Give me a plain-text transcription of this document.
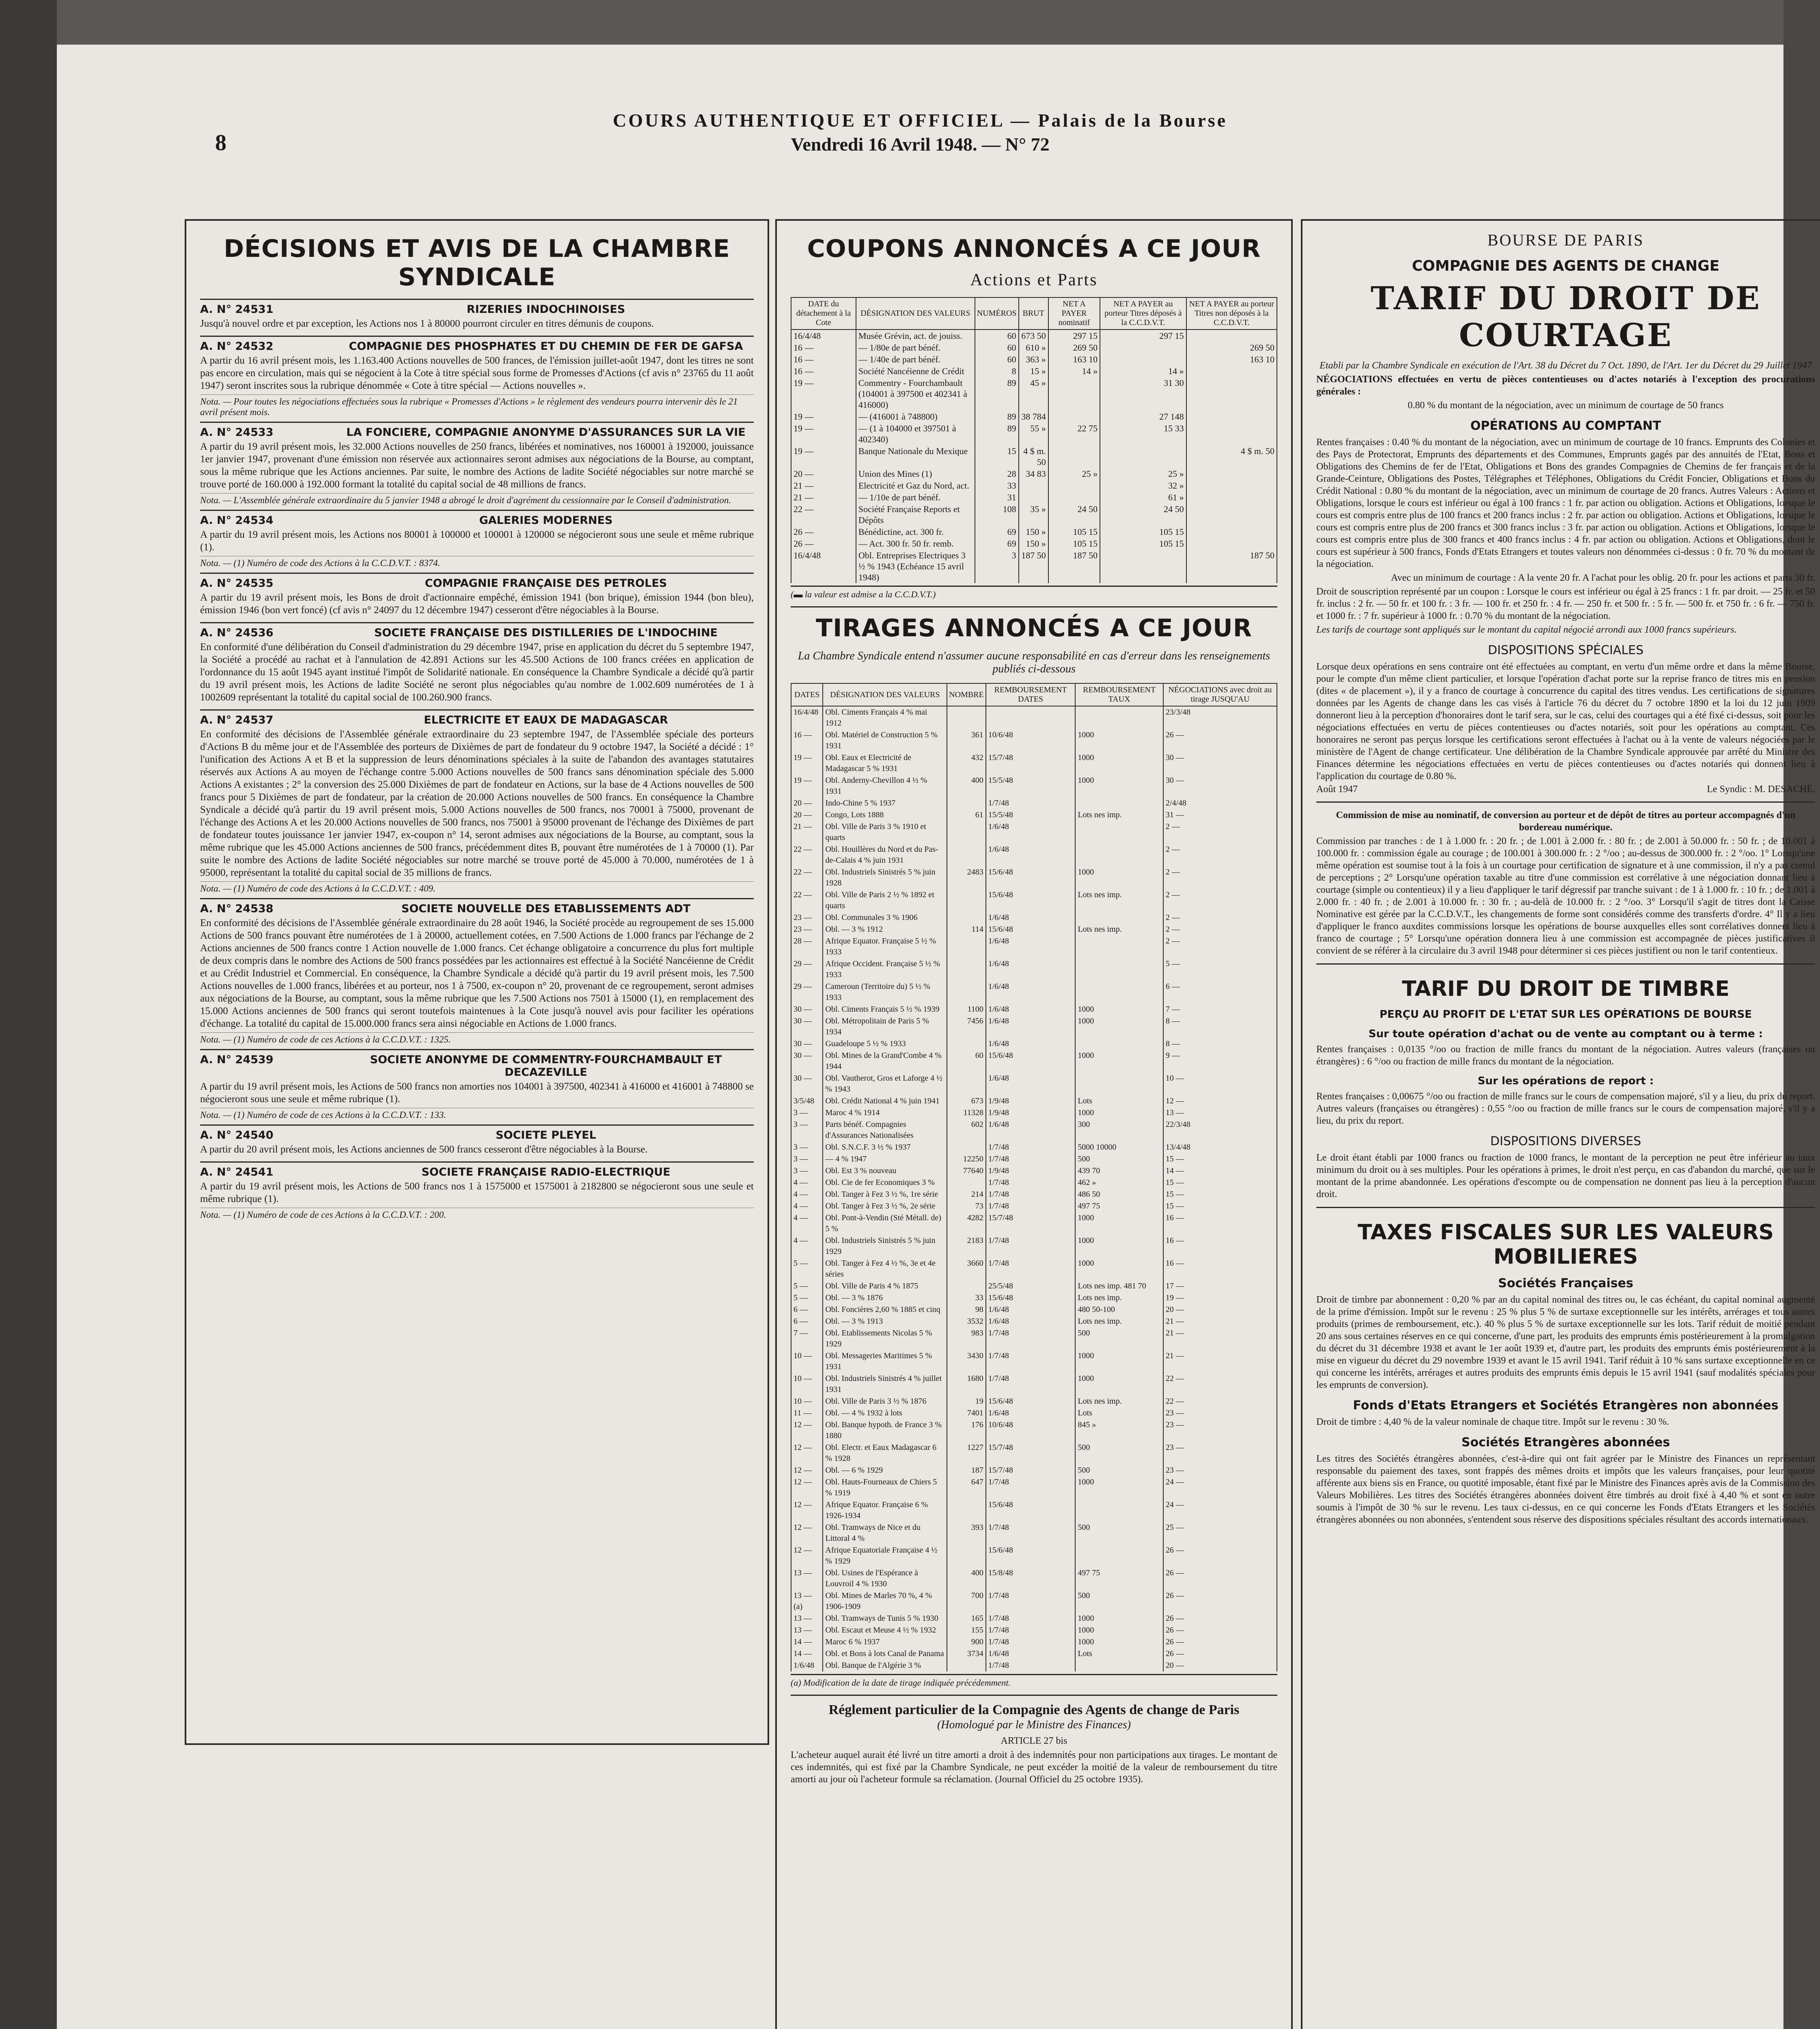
8
COURS AUTHENTIQUE ET OFFICIEL — Palais de la Bourse
Vendredi 16 Avril 1948. — N° 72
DÉCISIONS ET AVIS DE LA CHAMBRE SYNDICALE
A. N° 24531	RIZERIES INDOCHINOISES

Jusqu'à nouvel ordre et par exception, les Actions nos 1 à 80000 pourront circuler en titres démunis de coupons.

A. N° 24532	COMPAGNIE DES PHOSPHATES ET DU CHEMIN DE FER DE GAFSA

A partir du 16 avril présent mois, les 1.163.400 Actions nouvelles de 500 frances, de l'émission juillet-août 1947, dont les titres ne sont pas encore en circulation, mais qui se négocient à la Cote à titre spécial sous forme de Promesses d'Actions (cf avis n° 23765 du 11 août 1947) seront inscrites sous la rubrique dénommée « Cote à titre spécial — Actions nouvelles ».

Nota. — Pour toutes les négociations effectuées sous la rubrique « Promesses d'Actions » le règlement des vendeurs pourra intervenir dès le 21 avril présent mois.
A. N° 24533	LA FONCIERE, COMPAGNIE ANONYME D'ASSURANCES SUR LA VIE

A partir du 19 avril présent mois, les 32.000 Actions nouvelles de 250 francs, libérées et nominatives, nos 160001 à 192000, jouissance 1er janvier 1947, provenant d'une émission non réservée aux actionnaires seront admises aux négociations de la Bourse, au comptant, sous la même rubrique que les Actions anciennes. Par suite, le nombre des Actions de ladite Société négociables sur notre marché se trouve porté de 160.000 à 192.000 formant la totalité du capital social de 48 millions de francs.

Nota. — L'Assemblée générale extraordinaire du 5 janvier 1948 a abrogé le droit d'agrément du cessionnaire par le Conseil d'administration.
A. N° 24534	GALERIES MODERNES

A partir du 19 avril présent mois, les Actions nos 80001 à 100000 et 100001 à 120000 se négocieront sous une seule et même rubrique (1).

Nota. — (1) Numéro de code des Actions à la C.C.D.V.T. : 8374.
A. N° 24535	COMPAGNIE FRANÇAISE DES PETROLES

A partir du 19 avril présent mois, les Bons de droit d'actionnaire empêché, émission 1941 (bon brique), émission 1944 (bon bleu), émission 1946 (bon vert foncé) (cf avis n° 24097 du 12 décembre 1947) cesseront d'être négociables à la Bourse.

A. N° 24536	SOCIETE FRANÇAISE DES DISTILLERIES DE L'INDOCHINE

En conformité d'une délibération du Conseil d'administration du 29 décembre 1947, prise en application du décret du 5 septembre 1947, la Société a procédé au rachat et à l'annulation de 42.891 Actions sur les 45.500 Actions de 100 francs créées en application de l'ordonnance du 15 août 1945 ayant institué l'impôt de Solidarité nationale. En conséquence la Chambre Syndicale a décidé qu'à partir du 19 avril présent mois, les Actions de ladite Société ne seront plus négociables qu'au nombre de 1.002.609 numérotées de 1 à 1002609 représentant la totalité du capital social de 100.260.900 francs.

A. N° 24537	ELECTRICITE ET EAUX DE MADAGASCAR

En conformité des décisions de l'Assemblée générale extraordinaire du 23 septembre 1947, de l'Assemblée spéciale des porteurs d'Actions B du même jour et de l'Assemblée des porteurs de Dixièmes de part de fondateur du 9 octobre 1947, la Société a décidé : 1° l'unification des Actions A et B et la suppression de leurs dénominations spéciales à la suite de l'abandon des avantages statutaires réservés aux Actions A au moyen de l'échange contre 5.000 Actions nouvelles de 500 francs sans dénomination spéciale des 5.000 Actions A existantes ; 2° la conversion des 25.000 Dixièmes de part de fondateur en Actions, sur la base de 4 Actions nouvelles de 500 francs pour 5 Dixièmes de part de fondateur, par la création de 20.000 Actions nouvelles de 500 francs. En conséquence la Chambre Syndicale a décidé qu'à partir du 19 avril présent mois, 5.000 Actions nouvelles de 500 francs, nos 70001 à 75000, provenant de l'échange des Actions A et les 20.000 Actions nouvelles de 500 francs, nos 75001 à 95000 provenant de l'échange des Dixièmes de part de fondateur toutes jouissance 1er janvier 1947, ex-coupon n° 14, seront admises aux négociations de la Bourse, au comptant, sous la même rubrique que les 45.000 Actions anciennes de 500 francs, précédemment dites B, pouvant être numérotées de 1 à 70000 (1). Par suite le nombre des Actions de ladite Société négociables sur notre marché se trouve porté de 45.000 à 70.000, numérotées de 1 à 95000, représentant la totalité du capital social de 35 millions de francs.

Nota. — (1) Numéro de code des Actions à la C.C.D.V.T. : 409.
A. N° 24538	SOCIETE NOUVELLE DES ETABLISSEMENTS ADT

En conformité des décisions de l'Assemblée générale extraordinaire du 28 août 1946, la Société procède au regroupement de ses 15.000 Actions de 500 francs pouvant être numérotées de 1 à 20000, actuellement cotées, en 7.500 Actions de 1.000 francs par l'échange de 2 Actions anciennes de 500 francs contre 1 Action nouvelle de 1.000 francs. Cet échange obligatoire a concurrence du plus fort multiple de deux compris dans le nombre des Actions de 500 francs possédées par les actionnaires est effectué à la Société Nancéienne de Crédit et au Crédit Industriel et Commercial. En conséquence, la Chambre Syndicale a décidé qu'à partir du 19 avril présent mois, les 7.500 Actions nouvelles de 1.000 francs, libérées et au porteur, nos 1 à 7500, ex-coupon n° 20, provenant de ce regroupement, seront admises aux négociations de la Bourse, au comptant, sous la même rubrique que les 7.500 Actions nos 7501 à 15000 (1), en remplacement des 15.000 Actions anciennes de 500 francs qui seront toutefois maintenues à la Cote jusqu'à nouvel avis pour faciliter les opérations d'échange. La totalité du capital de 15.000.000 francs sera ainsi négociable en Actions de 1.000 francs.

Nota. — (1) Numéro de code de ces Actions à la C.C.D.V.T. : 1325.
A. N° 24539	SOCIETE ANONYME DE COMMENTRY-FOURCHAMBAULT ET DECAZEVILLE

A partir du 19 avril présent mois, les Actions de 500 francs non amorties nos 104001 à 397500, 402341 à 416000 et 416001 à 748800 se négocieront sous une seule et même rubrique (1).

Nota. — (1) Numéro de code de ces Actions à la C.C.D.V.T. : 133.
A. N° 24540	SOCIETE PLEYEL

A partir du 20 avril présent mois, les Actions anciennes de 500 francs cesseront d'être négociables à la Bourse.

A. N° 24541	SOCIETE FRANÇAISE RADIO-ELECTRIQUE

A partir du 19 avril présent mois, les Actions de 500 francs nos 1 à 1575000 et 1575001 à 2182800 se négocieront sous une seule et même rubrique (1).

Nota. — (1) Numéro de code de ces Actions à la C.C.D.V.T. : 200.
COUPONS ANNONCÉS A CE JOUR
Actions et Parts
DATE du détachement à la Cote	DÉSIGNATION DES VALEURS	NUMÉROS	BRUT	NET A PAYER nominatif	NET A PAYER au porteur Titres déposés à la C.C.D.V.T.	NET A PAYER au porteur Titres non déposés à la C.C.D.V.T.
16/4/48	Musée Grévin, act. de jouiss.	60	673 50	297 15	297 15	
16 —	— 1/80e de part bénéf.	60	610 »	269 50		269 50
16 —	— 1/40e de part bénéf.	60	363 »	163 10		163 10
16 —	Société Nancéienne de Crédit	8	15 »	14 »	14 »	
19 —	Commentry - Fourchambault (104001 à 397500 et 402341 à 416000)	89	45 »		31 30	
19 —	— (416001 à 748800)	89	38 784		27 148	
19 —	— (1 à 104000 et 397501 à 402340)	89	55 »	22 75	15 33	
19 —	Banque Nationale du Mexique	15	4 $ m. 50			4 $ m. 50
20 —	Union des Mines (1)	28	34 83	25 »	25 »	
21 —	Electricité et Gaz du Nord, act.	33			32 »	
21 —	— 1/10e de part bénéf.	31			61 »	
22 —	Société Française Reports et Dépôts	108	35 »	24 50	24 50	
26 —	Bénédictine, act. 300 fr.	69	150 »	105 15	105 15	
26 —	— Act. 300 fr. 50 fr. remb.	69	150 »	105 15	105 15	
16/4/48	Obl. Entreprises Electriques 3 ½ % 1943 (Echéance 15 avril 1948)	3	187 50	187 50		187 50
(▬ la valeur est admise a la C.C.D.V.T.)
TIRAGES ANNONCÉS A CE JOUR
La Chambre Syndicale entend n'assumer aucune responsabilité en cas d'erreur dans les renseignements publiés ci-dessous
DATES	DÉSIGNATION DES VALEURS	NOMBRE	REMBOURSEMENT DATES	REMBOURSEMENT TAUX	NÉGOCIATIONS avec droit au tirage JUSQU'AU
16/4/48	Obl. Ciments Français 4 % mai 1912				23/3/48
16 —	Obl. Matériel de Construction 5 % 1931	361	10/6/48	1000	26 —
19 —	Obl. Eaux et Electricité de Madagascar 5 % 1931	432	15/7/48	1000	30 —
19 —	Obl. Anderny-Chevillon 4 ½ % 1931	400	15/5/48	1000	30 —
20 —	Indo-Chine 5 % 1937		1/7/48		2/4/48
20 —	Congo, Lots 1888	61	15/5/48	Lots nes imp.	31 —
21 —	Obl. Ville de Paris 3 % 1910 et quarts		1/6/48		2 —
22 —	Obl. Houillères du Nord et du Pas-de-Calais 4 % juin 1931		1/6/48		2 —
22 —	Obl. Industriels Sinistrés 5 % juin 1928	2483	15/6/48	1000	2 —
22 —	Obl. Ville de Paris 2 ½ % 1892 et quarts		15/6/48	Lots nes imp.	2 —
23 —	Obl. Communales 3 % 1906		1/6/48		2 —
23 —	Obl. — 3 % 1912	114	15/6/48	Lots nes imp.	2 —
28 —	Afrique Equator. Française 5 ½ % 1933		1/6/48		2 —
29 —	Afrique Occident. Française 5 ½ % 1933		1/6/48		5 —
29 —	Cameroun (Territoire du) 5 ½ % 1933		1/6/48		6 —
30 —	Obl. Ciments Français 5 ½ % 1939	1100	1/6/48	1000	7 —
30 —	Obl. Métropolitain de Paris 5 % 1934	7456	1/6/48	1000	8 —
30 —	Guadeloupe 5 ½ % 1933		1/6/48		8 —
30 —	Obl. Mines de la Grand'Combe 4 % 1944	60	15/6/48	1000	9 —
30 —	Obl. Vautherot, Gros et Laforge 4 ½ % 1943		1/6/48		10 —
3/5/48	Obl. Crédit National 4 % juin 1941	673	1/9/48	Lots	12 —
3 —	Maroc 4 % 1914	11328	1/9/48	1000	13 —
3 —	Parts bénéf. Compagnies d'Assurances Nationalisées	602	1/6/48	300	22/3/48
3 —	Obl. S.N.C.F. 3 ½ % 1937		1/7/48	5000 10000	13/4/48
3 —	— 4 % 1947	12250	1/7/48	500	15 —
3 —	Obl. Est 3 % nouveau	77640	1/9/48	439 70	14 —
4 —	Obl. Cie de fer Economiques 3 %		1/7/48	462 »	15 —
4 —	Obl. Tanger à Fez 3 ½ %, 1re série	214	1/7/48	486 50	15 —
4 —	Obl. Tanger à Fez 3 ½ %, 2e série	73	1/7/48	497 75	15 —
4 —	Obl. Pont-à-Vendin (Sté Métall. de) 5 %	4282	15/7/48	1000	16 —
4 —	Obl. Industriels Sinistrés 5 % juin 1929	2183	1/7/48	1000	16 —
5 —	Obl. Tanger à Fez 4 ½ %, 3e et 4e séries	3660	1/7/48	1000	16 —
5 —	Obl. Ville de Paris 4 % 1875		25/5/48	Lots nes imp. 481 70	17 —
5 —	Obl. — 3 % 1876	33	15/6/48	Lots nes imp.	19 —
6 —	Obl. Foncières 2,60 % 1885 et cinq	98	1/6/48	480 50-100	20 —
6 —	Obl. — 3 % 1913	3532	1/6/48	Lots nes imp.	21 —
7 —	Obl. Etablissements Nicolas 5 % 1929	983	1/7/48	500	21 —
10 —	Obl. Messageries Maritimes 5 % 1931	3430	1/7/48	1000	21 —
10 —	Obl. Industriels Sinistrés 4 % juillet 1931	1680	1/7/48	1000	22 —
10 —	Obl. Ville de Paris 3 ½ % 1876	19	15/6/48	Lots nes imp.	22 —
11 —	Obl. — 4 % 1932 à lots	7401	1/6/48	Lots	23 —
12 —	Obl. Banque hypoth. de France 3 % 1880	176	10/6/48	845 »	23 —
12 —	Obl. Electr. et Eaux Madagascar 6 % 1928	1227	15/7/48	500	23 —
12 —	Obl. — 6 % 1929	187	15/7/48	500	23 —
12 —	Obl. Hauts-Fourneaux de Chiers 5 % 1919	647	1/7/48	1000	24 —
12 —	Afrique Equator. Française 6 % 1926-1934		15/6/48		24 —
12 —	Obl. Tramways de Nice et du Littoral 4 %	393	1/7/48	500	25 —
12 —	Afrique Equatoriale Française 4 ½ % 1929		15/6/48		26 —
13 —	Obl. Usines de l'Espérance à Louvroil 4 % 1930	400	15/8/48	497 75	26 —
13 — (a)	Obl. Mines de Marles 70 %, 4 % 1906-1909	700	1/7/48	500	26 —
13 —	Obl. Tramways de Tunis 5 % 1930	165	1/7/48	1000	26 —
13 —	Obl. Escaut et Meuse 4 ½ % 1932	155	1/7/48	1000	26 —
14 —	Maroc 6 % 1937	900	1/7/48	1000	26 —
14 —	Obl. et Bons à lots Canal de Panama	3734	1/6/48	Lots	26 —
1/6/48	Obl. Banque de l'Algérie 3 %		1/7/48		20 —
(a) Modification de la date de tirage indiquée précédemment.
Réglement particulier de la Compagnie des Agents de change de Paris
(Homologué par le Ministre des Finances)
ARTICLE 27 bis

L'acheteur auquel aurait été livré un titre amorti a droit à des indemnités pour non participations aux tirages. Le montant de ces indemnités, qui est fixé par la Chambre Syndicale, ne peut excéder la moitié de la valeur de remboursement du titre amorti au jour où l'acheteur formule sa réclamation. (Journal Officiel du 25 octobre 1935).

BOURSE DE PARIS
COMPAGNIE DES AGENTS DE CHANGE
TARIF DU DROIT DE COURTAGE

Etabli par la Chambre Syndicale en exécution de l'Art. 38 du Décret du 7 Oct. 1890, de l'Art. 1er du Décret du 29 Juillet 1947

NÉGOCIATIONS effectuées en vertu de pièces contentieuses ou d'actes notariés à l'exception des procurations générales :

0.80 % du montant de la négociation, avec un minimum de courtage de 50 francs

OPÉRATIONS AU COMPTANT

Rentes françaises : 0.40 % du montant de la négociation, avec un minimum de courtage de 10 francs. Emprunts des Colonies et des Pays de Protectorat, Emprunts des départements et des Communes, Emprunts gagés par des annuités de l'Etat, Bons et Obligations des Chemins de fer de l'Etat, Obligations et Bons des grandes Compagnies de Chemins de fer français et de la Grande-Ceinture, Obligations des Postes, Télégraphes et Téléphones, Obligations du Crédit Foncier, Obligations et Bons du Crédit National : 0.80 % du montant de la négociation, avec un minimum de courtage de 20 francs. Autres Valeurs : Actions et Obligations, lorsque le cours est inférieur ou égal à 100 francs : 1 fr. par action ou obligation. Actions et Obligations, lorsque le cours est compris entre plus de 100 francs et 200 francs inclus : 2 fr. par action ou obligation. Actions et Obligations, lorsque le cours est compris entre plus de 200 francs et 300 francs inclus : 3 fr. par action ou obligation. Actions et Obligations, lorsque le cours est compris entre plus de 300 francs et 400 francs inclus : 4 fr. par action ou obligation. Actions et Obligations, dont le cours est supérieur à 500 francs, Fonds d'Etats Etrangers et toutes valeurs non dénommées ci-dessus : 0 fr. 70 % du montant de la négociation.

Avec un minimum de courtage : A la vente 20 fr. A l'achat pour les oblig. 20 fr. pour les actions et parts 30 fr.

Droit de souscription représenté par un coupon : Lorsque le cours est inférieur ou égal à 25 francs : 1 fr. par droit. — 25 fr. et 50 fr. inclus : 2 fr. — 50 fr. et 100 fr. : 3 fr. — 100 fr. et 250 fr. : 4 fr. — 250 fr. et 500 fr. : 5 fr. — 500 fr. et 750 fr. : 6 fr. — 750 fr. et 1000 fr. : 7 fr. supérieur à 1000 fr. : 0.70 % du montant de la négociation.

Les tarifs de courtage sont appliqués sur le montant du capital négocié arrondi aux 1000 francs supérieurs.

DISPOSITIONS SPÉCIALES

Lorsque deux opérations en sens contraire ont été effectuées au comptant, en vertu d'un même ordre et dans la même Bourse, pour le compte d'un même client particulier, et lorsque l'opération d'achat porte sur la reprise franco de titres mis en pension (dites « de placement »), il y a franco de courtage à concurrence du capital des titres vendus. Les certifications de signatures données par les Agents de change dans les cas visés à l'article 76 du décret du 7 octobre 1890 et la loi du 12 juin 1909 donneront lieu à la perception d'honoraires dont le tarif sera, sur le cas, celui des courtages qui a été fixé ci-dessus, soit pour les négociations effectuées en vertu de pièces contentieuses ou d'actes notariés, soit pour les opérations au comptant. Ces honoraires ne seront pas perçus lorsque les certifications seront effectuées à l'achat ou à la vente de valeurs négociées par le ministère de l'Agent de change certificateur. Une délibération de la Chambre Syndicale approuvée par arrêté du Ministre des Finances détermine les négociations effectuées en vertu de pièces contentieuses ou d'actes notariés qui donnent lieu à l'application du courtage de 0.80 %.

Août 1947	Le Syndic : M. DESACHÉ.

Commission de mise au nominatif, de conversion au porteur et de dépôt de titres au porteur accompagnés d'un bordereau numérique.

Commission par tranches : de 1 à 1.000 fr. : 20 fr. ; de 1.001 à 2.000 fr. : 80 fr. ; de 2.001 à 50.000 fr. : 50 fr. ; de 10.001 à 100.000 fr. : commission égale au courage ; de 100.001 à 300.000 fr. : 2 °/oo ; au-dessus de 300.000 fr. : 2 °/oo. 1° Lorsqu'une même opération est soumise tout à la fois à un courtage pour certification de signature et à une commission, il n'y a pas cumul de perceptions ; 2° Lorsqu'une opération taxable au titre d'une commission est corrélative à une négociation donnant lieu à courtage (simple ou contentieux) il y a lieu d'appliquer le tarif dégressif par tranche suivant : de 1 à 1.000 fr. : 10 fr. ; de 1.001 à 2.000 fr. : 40 fr. ; de 2.001 à 10.000 fr. : 30 fr. ; au-delà de 10.000 fr. : 2 °/oo. 3° Lorsqu'il s'agit de titres dont la Caisse Nominative est gérée par la C.C.D.V.T., les changements de forme sont considérés comme des transferts d'ordre. 4° Il y a lieu d'appliquer le franco auxdites commissions lorsque les opérations de bourse auxquelles elles sont corrélatives donnent lieu à franco de courtage ; 5° Lorsqu'une opération donnera lieu à une commission est accompagnée de pièces justificatives il convient de se référer à la circulaire du 3 avril 1948 pour déterminer si ces pièces justifient ou non le tarif contentieux.

TARIF DU DROIT DE TIMBRE
PERÇU AU PROFIT DE L'ETAT SUR LES OPÉRATIONS DE BOURSE
Sur toute opération d'achat ou de vente au comptant ou à terme :

Rentes françaises : 0,0135 °/oo ou fraction de mille francs du montant de la négociation. Autres valeurs (françaises ou étrangères) : 6 °/oo ou fraction de mille francs du montant de la négociation.

Sur les opérations de report :

Rentes françaises : 0,00675 °/oo ou fraction de mille francs sur le cours de compensation majoré, s'il y a lieu, du prix du report. Autres valeurs (françaises ou étrangères) : 0,55 °/oo ou fraction de mille francs sur le cours de compensation majoré, s'il y a lieu, du prix du report.

DISPOSITIONS DIVERSES

Le droit étant établi par 1000 francs ou fraction de 1000 francs, le montant de la perception ne peut être inférieur au taux minimum du droit ou à ses multiples. Pour les opérations à primes, le droit n'est perçu, en cas d'abandon du marché, que sur le montant de la prime abandonnée. Les opérations d'escompte ou de compensation ne donnent pas lieu à la perception d'aucun droit.

TAXES FISCALES SUR LES VALEURS MOBILIERES
Sociétés Françaises

Droit de timbre par abonnement : 0,20 % par an du capital nominal des titres ou, le cas échéant, du capital nominal augmenté de la prime d'émission. Impôt sur le revenu : 25 % plus 5 % de surtaxe exceptionnelle sur les intérêts, arrérages et tous autres produits (primes de remboursement, etc.). 40 % plus 5 % de surtaxe exceptionnelle sur les lots. Tarif réduit de moitié pendant 20 ans sous certaines réserves en ce qui concerne, d'une part, les produits des emprunts émis postérieurement à la promulgation du décret du 31 décembre 1938 et avant le 1er août 1939 et, d'autre part, les produits des emprunts émis postérieurement à la mise en vigueur du décret du 29 novembre 1939 et avant le 15 avril 1941. Tarif réduit à 10 % sans surtaxe exceptionnelle en ce qui concerne les intérêts, arrérages et autres produits des emprunts émis depuis le 15 avril 1941 (sauf modalités spéciales pour les emprunts de conversion).

Fonds d'Etats Etrangers et Sociétés Etrangères non abonnées

Droit de timbre : 4,40 % de la valeur nominale de chaque titre. Impôt sur le revenu : 30 %.

Sociétés Etrangères abonnées

Les titres des Sociétés étrangères abonnées, c'est-à-dire qui ont fait agréer par le Ministre des Finances un représentant responsable du paiement des taxes, sont frappés des mêmes droits et impôts que les valeurs françaises, pour leur quotité afférente aux biens sis en France, ou quotité imposable, étant fixé par le Ministre des Finances après avis de la Commission des Valeurs Mobilières. Les titres des Sociétés étrangères abonnées doivent être timbrés au droit fixé à 4,40 % et sont en outre soumis à l'impôt de 30 % sur le revenu. Les taux ci-dessus, en ce qui concerne les Fonds d'Etats Etrangers et les Sociétés étrangères abonnées ou non abonnées, s'entendent sous réserve des dispositions spéciales résultant des accords internationaux.
